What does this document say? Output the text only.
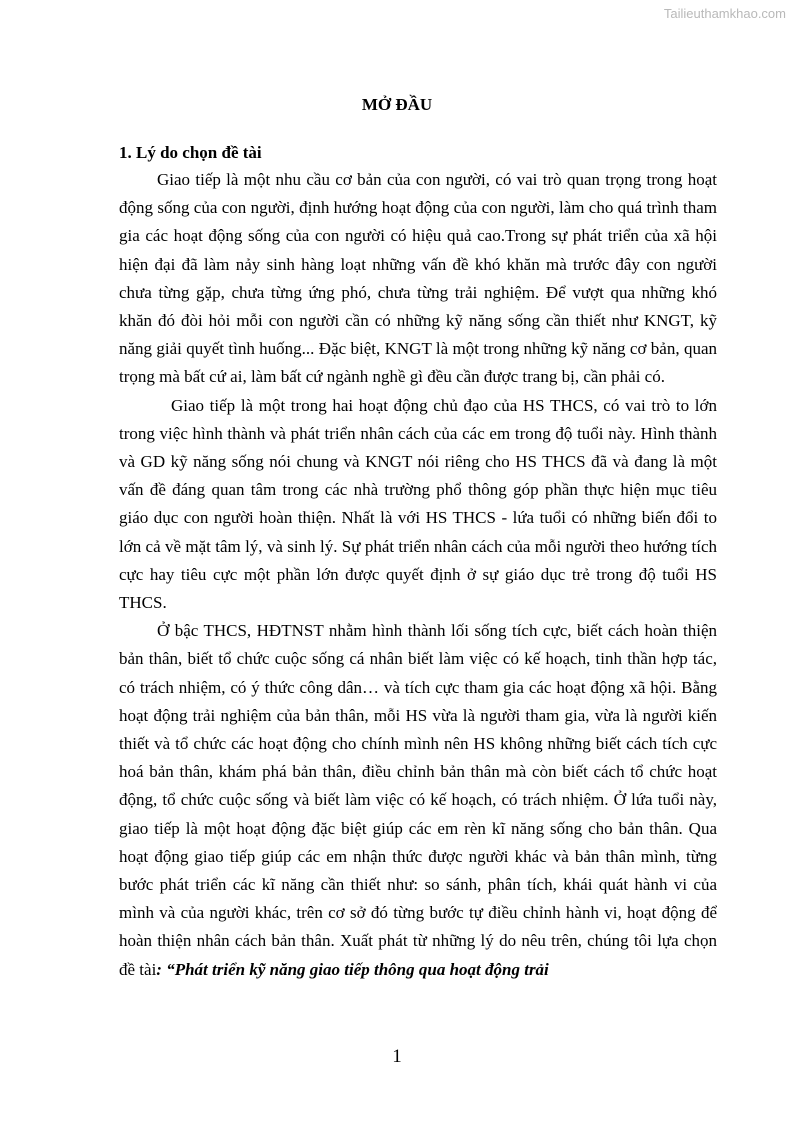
Tailieuthamkhao.com
MỞ ĐẦU
1. Lý do chọn đề tài

Giao tiếp là một nhu cầu cơ bản của con người, có vai trò quan trọng trong hoạt động sống của con người, định hướng hoạt động của con người, làm cho quá trình tham gia các hoạt động sống của con người có hiệu quả cao.Trong sự phát triển của xã hội hiện đại đã làm nảy sinh hàng loạt những vấn đề khó khăn mà trước đây con người chưa từng gặp, chưa từng ứng phó, chưa từng trải nghiệm. Để vượt qua những khó khăn đó đòi hỏi mỗi con người cần có những kỹ năng sống cần thiết như KNGT, kỹ năng giải quyết tình huống... Đặc biệt, KNGT là một trong những kỹ năng cơ bản, quan trọng mà bất cứ ai, làm bất cứ ngành nghề gì đều cần được trang bị, cần phải có.

Giao tiếp là một trong hai hoạt động chủ đạo của HS THCS, có vai trò to lớn trong việc hình thành và phát triển nhân cách của các em trong độ tuổi này. Hình thành và GD kỹ năng sống nói chung và KNGT nói riêng cho HS THCS đã và đang là một vấn đề đáng quan tâm trong các nhà trường phổ thông góp phần thực hiện mục tiêu giáo dục con người hoàn thiện. Nhất là với HS THCS - lứa tuổi có những biến đổi to lớn cả về mặt tâm lý, và sinh lý. Sự phát triển nhân cách của mỗi người theo hướng tích cực hay tiêu cực một phần lớn được quyết định ở sự giáo dục trẻ trong độ tuổi HS THCS.

Ở bậc THCS, HĐTNST nhằm hình thành lối sống tích cực, biết cách hoàn thiện bản thân, biết tổ chức cuộc sống cá nhân biết làm việc có kế hoạch, tinh thần hợp tác, có trách nhiệm, có ý thức công dân… và tích cực tham gia các hoạt động xã hội. Bằng hoạt động trải nghiệm của bản thân, mỗi HS vừa là người tham gia, vừa là người kiến thiết và tổ chức các hoạt động cho chính mình nên HS không những biết cách tích cực hoá bản thân, khám phá bản thân, điều chỉnh bản thân mà còn biết cách tổ chức hoạt động, tổ chức cuộc sống và biết làm việc có kế hoạch, có trách nhiệm. Ở lứa tuổi này, giao tiếp là một hoạt động đặc biệt giúp các em rèn kĩ năng sống cho bản thân. Qua hoạt động giao tiếp giúp các em nhận thức được người khác và bản thân mình, từng bước phát triển các kĩ năng cần thiết như: so sánh, phân tích, khái quát hành vi của mình và của người khác, trên cơ sở đó từng bước tự điều chỉnh hành vi, hoạt động để hoàn thiện nhân cách bản thân. Xuất phát từ những lý do nêu trên, chúng tôi lựa chọn đề tài: “Phát triển kỹ năng giao tiếp thông qua hoạt động trải

1
